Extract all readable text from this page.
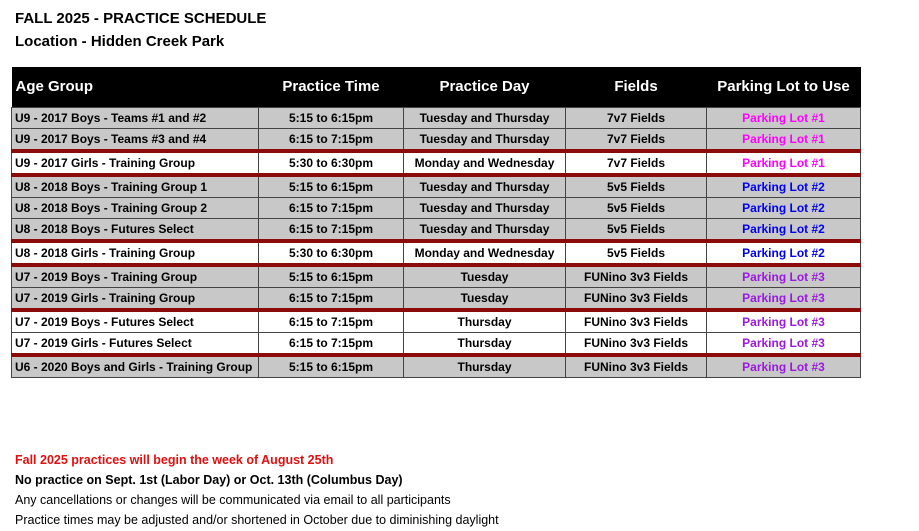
FALL 2025 - PRACTICE SCHEDULE
Location - Hidden Creek Park
Age Group	Practice Time	Practice Day	Fields	Parking Lot to Use
U9 - 2017 Boys - Teams #1 and #2	5:15 to 6:15pm	Tuesday and Thursday	7v7 Fields	Parking Lot #1
U9 - 2017 Boys - Teams #3 and #4	6:15 to 7:15pm	Tuesday and Thursday	7v7 Fields	Parking Lot #1
U9 - 2017 Girls - Training Group	5:30 to 6:30pm	Monday and Wednesday	7v7 Fields	Parking Lot #1
U8 - 2018 Boys - Training Group 1	5:15 to 6:15pm	Tuesday and Thursday	5v5 Fields	Parking Lot #2
U8 - 2018 Boys - Training Group 2	6:15 to 7:15pm	Tuesday and Thursday	5v5 Fields	Parking Lot #2
U8 - 2018 Boys - Futures Select	6:15 to 7:15pm	Tuesday and Thursday	5v5 Fields	Parking Lot #2
U8 - 2018 Girls - Training Group	5:30 to 6:30pm	Monday and Wednesday	5v5 Fields	Parking Lot #2
U7 - 2019 Boys - Training Group	5:15 to 6:15pm	Tuesday	FUNino 3v3 Fields	Parking Lot #3
U7 - 2019 Girls - Training Group	6:15 to 7:15pm	Tuesday	FUNino 3v3 Fields	Parking Lot #3
U7 - 2019 Boys - Futures Select	6:15 to 7:15pm	Thursday	FUNino 3v3 Fields	Parking Lot #3
U7 - 2019 Girls - Futures Select	6:15 to 7:15pm	Thursday	FUNino 3v3 Fields	Parking Lot #3
U6 - 2020 Boys and Girls - Training Group	5:15 to 6:15pm	Thursday	FUNino 3v3 Fields	Parking Lot #3
Fall 2025 practices will begin the week of August 25th
No practice on Sept. 1st (Labor Day) or Oct. 13th (Columbus Day)
Any cancellations or changes will be communicated via email to all participants
Practice times may be adjusted and/or shortened in October due to diminishing daylight
